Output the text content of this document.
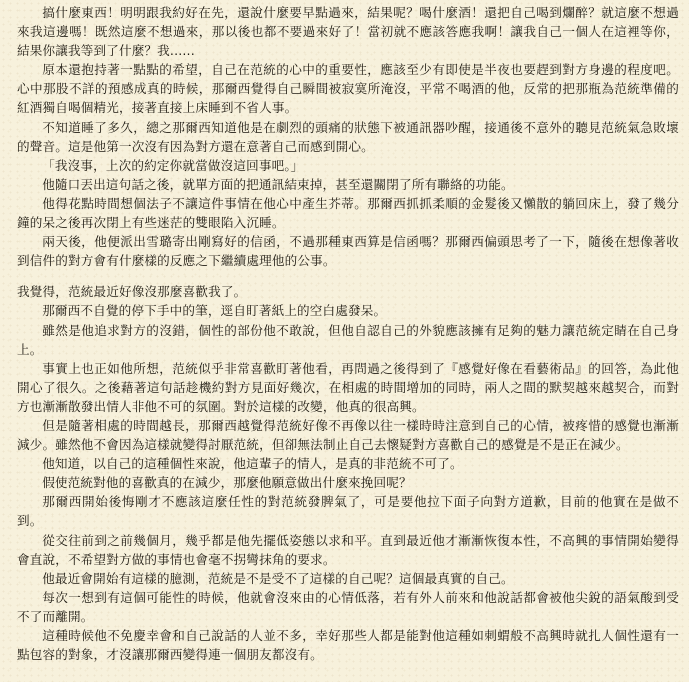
搞什麼東西！明明跟我約好在先，還說什麼要早點過來，結果呢？喝什麼酒！還把自己喝到爛醉？就這麼不想過來我這邊嗎！既然這麼不想過來，那以後也都不要過來好了！當初就不應該答應我啊！讓我自己一個人在這裡等你，結果你讓我等到了什麼？我......

原本還抱持著一點點的希望，自己在范統的心中的重要性，應該至少有即使是半夜也要趕到對方身邊的程度吧。心中那股不詳的預感成真的時候，那爾西覺得自己瞬間被寂寞所淹沒，平常不喝酒的他，反常的把那瓶為范統準備的紅酒獨自喝個精光，接著直接上床睡到不省人事。

不知道睡了多久，總之那爾西知道他是在劇烈的頭痛的狀態下被通訊器吵醒，接通後不意外的聽見范統氣急敗壞的聲音。這是他第一次沒有因為對方還在意著自己而感到開心。

「我沒事，上次的約定你就當做沒這回事吧。」

他隨口丟出這句話之後，就單方面的把通訊結束掉，甚至還關閉了所有聯絡的功能。

他得花點時間想個法子不讓這件事情在他心中產生芥蒂。那爾西抓抓柔順的金髮後又懶散的躺回床上，發了幾分鐘的呆之後再次閉上有些迷茫的雙眼陷入沉睡。

兩天後，他便派出雪璐寄出剛寫好的信函，不過那種東西算是信函嗎？那爾西偏頭思考了一下，隨後在想像著收到信件的對方會有什麼樣的反應之下繼續處理他的公事。

我覺得，范統最近好像沒那麼喜歡我了。

那爾西不自覺的停下手中的筆，逕自盯著紙上的空白處發呆。

雖然是他追求對方的沒錯，個性的部份他不敢說，但他自認自己的外貌應該擁有足夠的魅力讓范統定睛在自己身上。

事實上也正如他所想，范統似乎非常喜歡盯著他看，再問過之後得到了『感覺好像在看藝術品』的回答，為此他開心了很久。之後藉著這句話趁機約對方見面好幾次，在相處的時間增加的同時，兩人之間的默契越來越契合，而對方也漸漸散發出情人非他不可的氛圍。對於這樣的改變，他真的很高興。

但是隨著相處的時間越長，那爾西越覺得范統好像不再像以往一樣時時注意到自己的心情，被疼惜的感覺也漸漸減少。雖然他不會因為這樣就變得討厭范統，但卻無法制止自己去懷疑對方喜歡自己的感覺是不是正在減少。

他知道，以自己的這種個性來說，他這輩子的情人，是真的非范統不可了。

假使范統對他的喜歡真的在減少，那麼他願意做出什麼來挽回呢？

那爾西開始後悔剛才不應該這麼任性的對范統發脾氣了，可是要他拉下面子向對方道歉，目前的他實在是做不到。

從交往前到之前幾個月，幾乎都是他先擺低姿態以求和平。直到最近他才漸漸恢復本性，不高興的事情開始變得會直說，不希望對方做的事情也會毫不拐彎抹角的要求。

他最近會開始有這樣的臆測，范統是不是受不了這樣的自己呢？這個最真實的自己。

每次一想到有這個可能性的時候，他就會沒來由的心情低落，若有外人前來和他說話都會被他尖銳的語氣酸到受不了而離開。

這種時候他不免慶幸會和自己說話的人並不多，幸好那些人都是能對他這種如刺蝟般不高興時就扎人個性還有一點包容的對象，才沒讓那爾西變得連一個朋友都沒有。
